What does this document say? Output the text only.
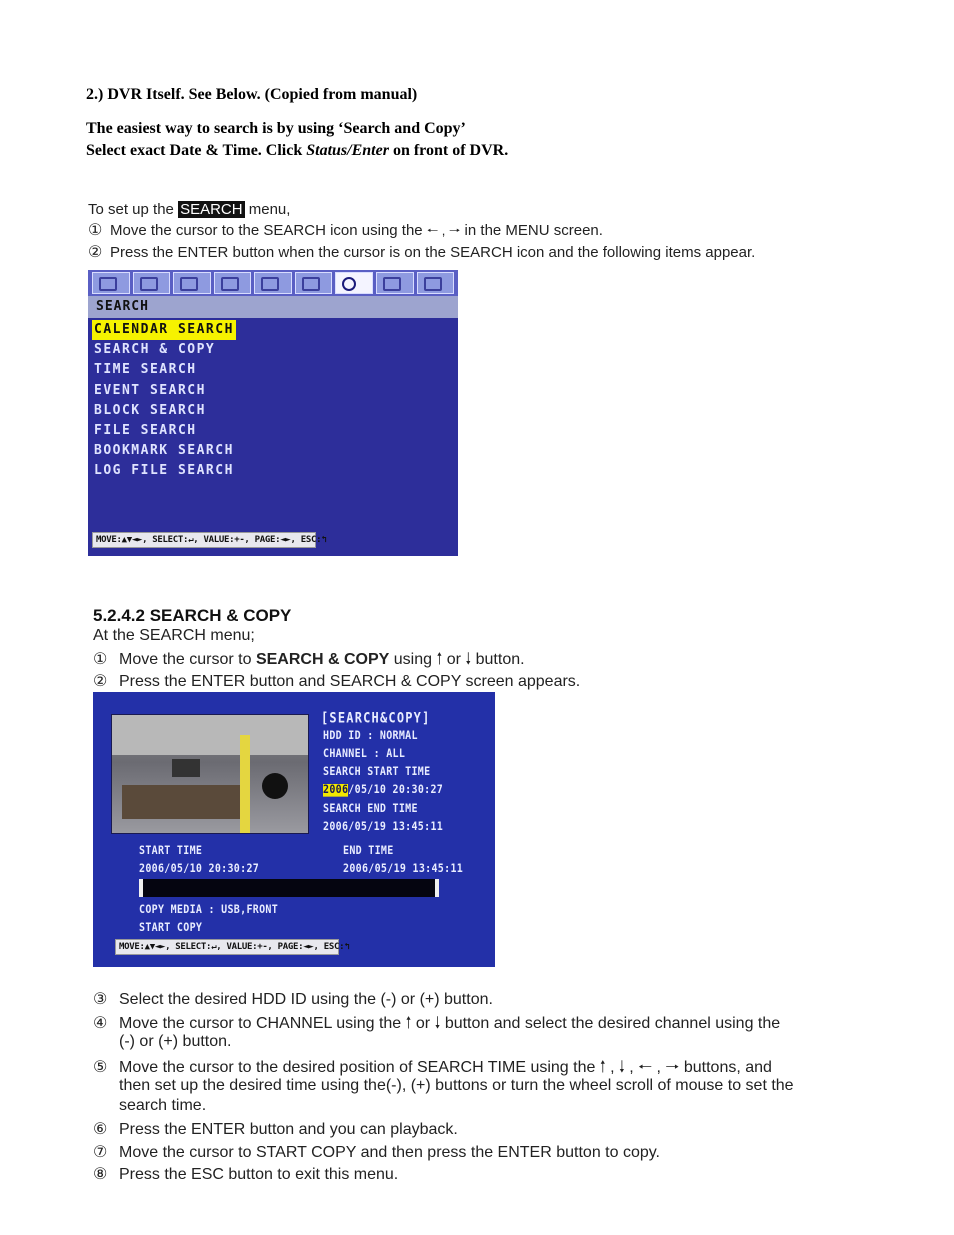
2.) DVR Itself. See Below. (Copied from manual)
The easiest way to search is by using ‘Search and Copy’
Select exact Date & Time. Click Status/Enter on front of DVR.
To set up the SEARCH menu,
① Move the cursor to the SEARCH icon using the 🠐 , 🠒 in the MENU screen.
② Press the ENTER button when the cursor is on the SEARCH icon and the following items appear.
SEARCH
CALENDAR SEARCH
SEARCH & COPY
TIME SEARCH
EVENT SEARCH
BLOCK SEARCH
FILE SEARCH
BOOKMARK SEARCH
LOG FILE SEARCH
MOVE:▲▼◄►, SELECT:↵, VALUE:+-, PAGE:◄►, ESC:↰
5.2.4.2 SEARCH & COPY
At the SEARCH menu;
① Move the cursor to SEARCH & COPY using 🠑 or 🠓 button.
② Press the ENTER button and SEARCH & COPY screen appears.
[SEARCH&COPY]
HDD ID : NORMAL
CHANNEL : ALL
SEARCH START TIME
2006/05/10 20:30:27
SEARCH END TIME
2006/05/19 13:45:11
START TIME
2006/05/10 20:30:27
END TIME
2006/05/19 13:45:11
COPY MEDIA : USB,FRONT
START COPY
MOVE:▲▼◄►, SELECT:↵, VALUE:+-, PAGE:◄►, ESC:↰
③ Select the desired HDD ID using the (-) or (+) button.
④ Move the cursor to CHANNEL using the 🠑 or 🠓 button and select the desired channel using the
(-) or (+) button.
⑤ Move the cursor to the desired position of SEARCH TIME using the 🠑 , 🠓 , 🠐 , 🠒 buttons, and
then set up the desired time using the(-), (+) buttons or turn the wheel scroll of mouse to set the
search time.
⑥ Press the ENTER button and you can playback.
⑦ Move the cursor to START COPY and then press the ENTER button to copy.
⑧ Press the ESC button to exit this menu.
